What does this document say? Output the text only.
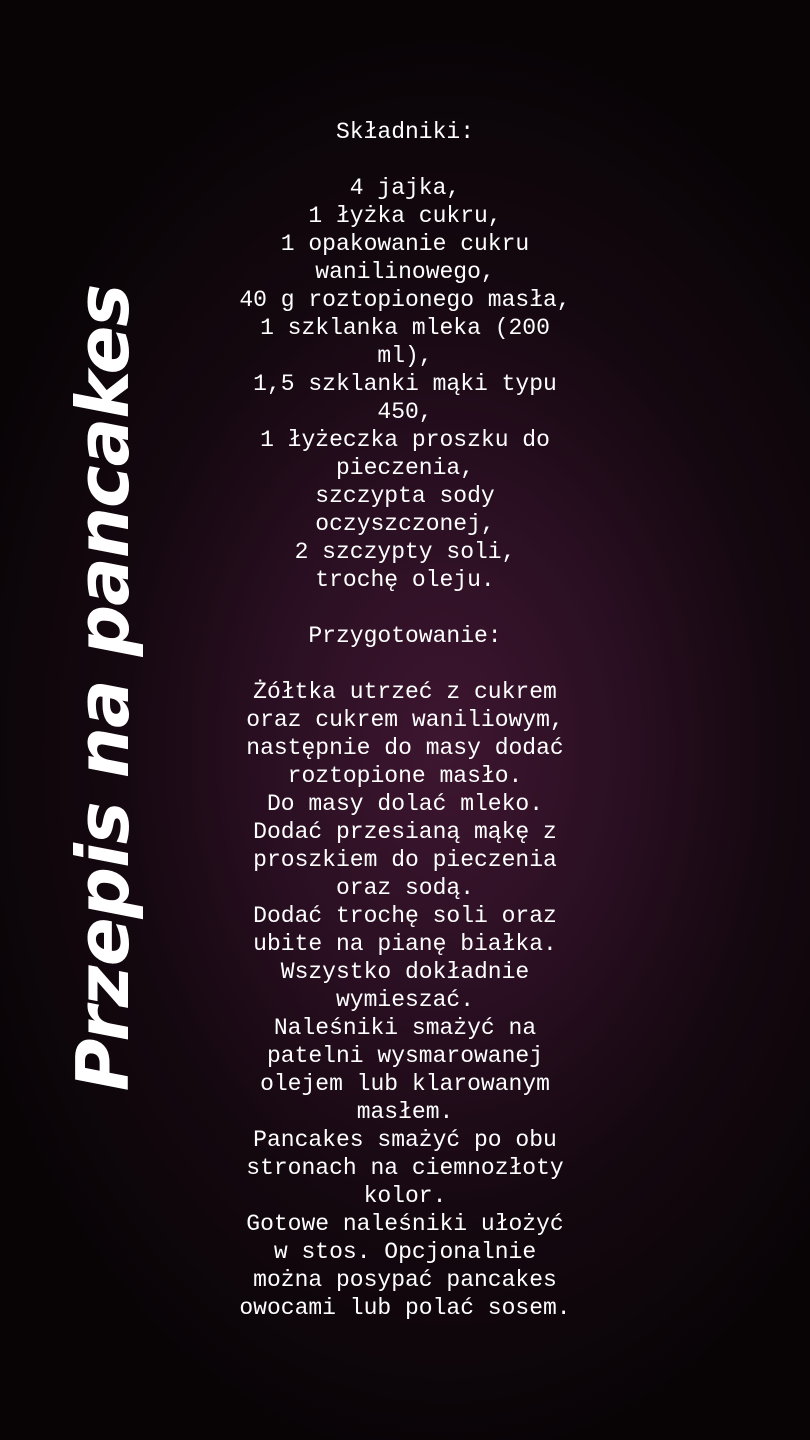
Przepis na pancakes
Składniki:
4 jajka,
1 łyżka cukru,
1 opakowanie cukru
wanilinowego,
40 g roztopionego masła,
1 szklanka mleka (200
ml),
1,5 szklanki mąki typu
450,
1 łyżeczka proszku do
pieczenia,
szczypta sody
oczyszczonej,
2 szczypty soli,
trochę oleju.
Przygotowanie:
Żółtka utrzeć z cukrem
oraz cukrem waniliowym,
następnie do masy dodać
roztopione masło.
Do masy dolać mleko.
Dodać przesianą mąkę z
proszkiem do pieczenia
oraz sodą.
Dodać trochę soli oraz
ubite na pianę białka.
Wszystko dokładnie
wymieszać.
Naleśniki smażyć na
patelni wysmarowanej
olejem lub klarowanym
masłem.
Pancakes smażyć po obu
stronach na ciemnozłoty
kolor.
Gotowe naleśniki ułożyć
w stos. Opcjonalnie
można posypać pancakes
owocami lub polać sosem.
